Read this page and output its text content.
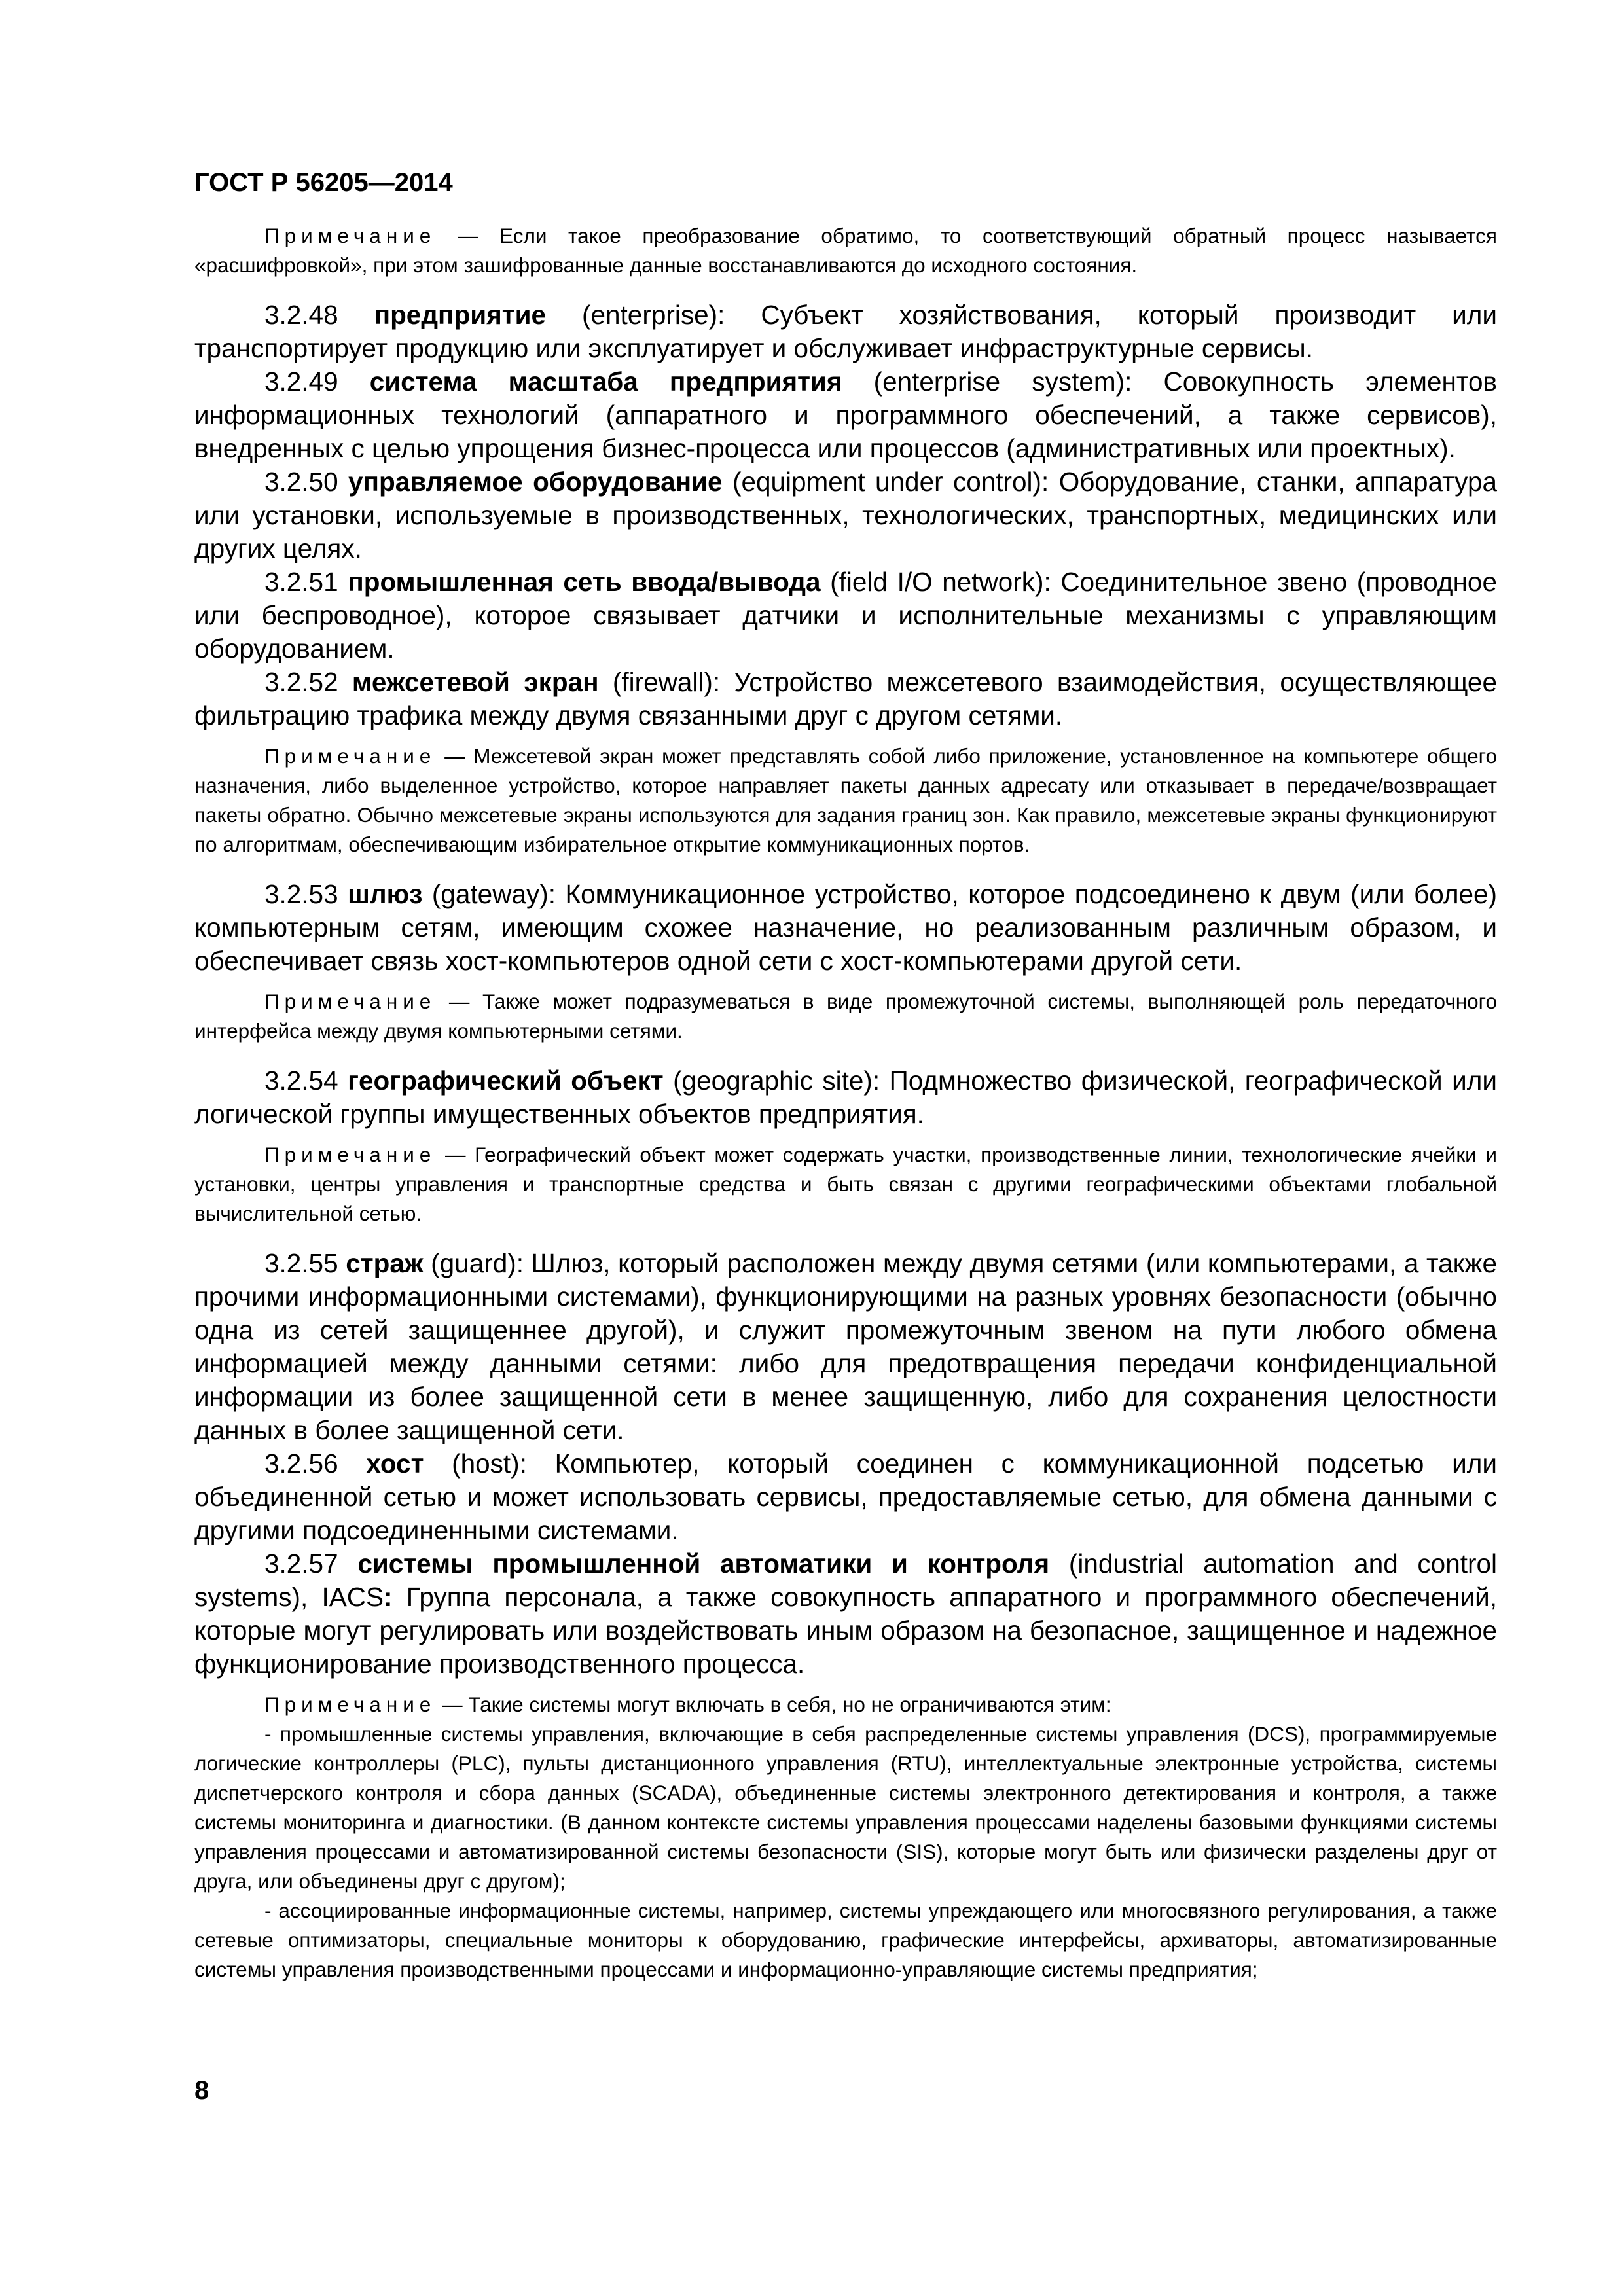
ГОСТ Р 56205—2014

Примечание — Если такое преобразование обратимо, то соответствующий обратный процесс называется «расшифровкой», при этом зашифрованные данные восстанавливаются до исходного состояния.

3.2.48 предприятие (enterprise): Субъект хозяйствования, который производит или транспортирует продукцию или эксплуатирует и обслуживает инфраструктурные сервисы.

3.2.49 система масштаба предприятия (enterprise system): Совокупность элементов информационных технологий (аппаратного и программного обеспечений, а также сервисов), внедренных с целью упрощения бизнес-процесса или процессов (административных или проектных).

3.2.50 управляемое оборудование (equipment under control): Оборудование, станки, аппаратура или установки, используемые в производственных, технологических, транспортных, медицинских или других целях.

3.2.51 промышленная сеть ввода/вывода (field I/O network): Соединительное звено (проводное или беспроводное), которое связывает датчики и исполнительные механизмы с управляющим оборудованием.

3.2.52 межсетевой экран (firewall): Устройство межсетевого взаимодействия, осуществляющее фильтрацию трафика между двумя связанными друг с другом сетями.

Примечание — Межсетевой экран может представлять собой либо приложение, установленное на компьютере общего назначения, либо выделенное устройство, которое направляет пакеты данных адресату или отказывает в передаче/возвращает пакеты обратно. Обычно межсетевые экраны используются для задания границ зон. Как правило, межсетевые экраны функционируют по алгоритмам, обеспечивающим избирательное открытие коммуникационных портов.

3.2.53 шлюз (gateway): Коммуникационное устройство, которое подсоединено к двум (или более) компьютерным сетям, имеющим схожее назначение, но реализованным различным образом, и обеспечивает связь хост-компьютеров одной сети с хост-компьютерами другой сети.

Примечание — Также может подразумеваться в виде промежуточной системы, выполняющей роль передаточного интерфейса между двумя компьютерными сетями.

3.2.54 географический объект (geographic site): Подмножество физической, географической или логической группы имущественных объектов предприятия.

Примечание — Географический объект может содержать участки, производственные линии, технологические ячейки и установки, центры управления и транспортные средства и быть связан с другими географическими объектами глобальной вычислительной сетью.

3.2.55 страж (guard): Шлюз, который расположен между двумя сетями (или компьютерами, а также прочими информационными системами), функционирующими на разных уровнях безопасности (обычно одна из сетей защищеннее другой), и служит промежуточным звеном на пути любого обмена информацией между данными сетями: либо для предотвращения передачи конфиденциальной информации из более защищенной сети в менее защищенную, либо для сохранения целостности данных в более защищенной сети.

3.2.56 хост (host): Компьютер, который соединен с коммуникационной подсетью или объединенной сетью и может использовать сервисы, предоставляемые сетью, для обмена данными с другими подсоединенными системами.

3.2.57 системы промышленной автоматики и контроля (industrial automation and control systems), IACS: Группа персонала, а также совокупность аппаратного и программного обеспечений, которые могут регулировать или воздействовать иным образом на безопасное, защищенное и надежное функционирование производственного процесса.

Примечание — Такие системы могут включать в себя, но не ограничиваются этим:

- промышленные системы управления, включающие в себя распределенные системы управления (DCS), программируемые логические контроллеры (PLC), пульты дистанционного управления (RTU), интеллектуальные электронные устройства, системы диспетчерского контроля и сбора данных (SCADA), объединенные системы электронного детектирования и контроля, а также системы мониторинга и диагностики. (В данном контексте системы управления процессами наделены базовыми функциями системы управления процессами и автоматизированной системы безопасности (SIS), которые могут быть или физически разделены друг от друга, или объединены друг с другом);

- ассоциированные информационные системы, например, системы упреждающего или многосвязного регулирования, а также сетевые оптимизаторы, специальные мониторы к оборудованию, графические интерфейсы, архиваторы, автоматизированные системы управления производственными процессами и информационно-управляющие системы предприятия;

8
